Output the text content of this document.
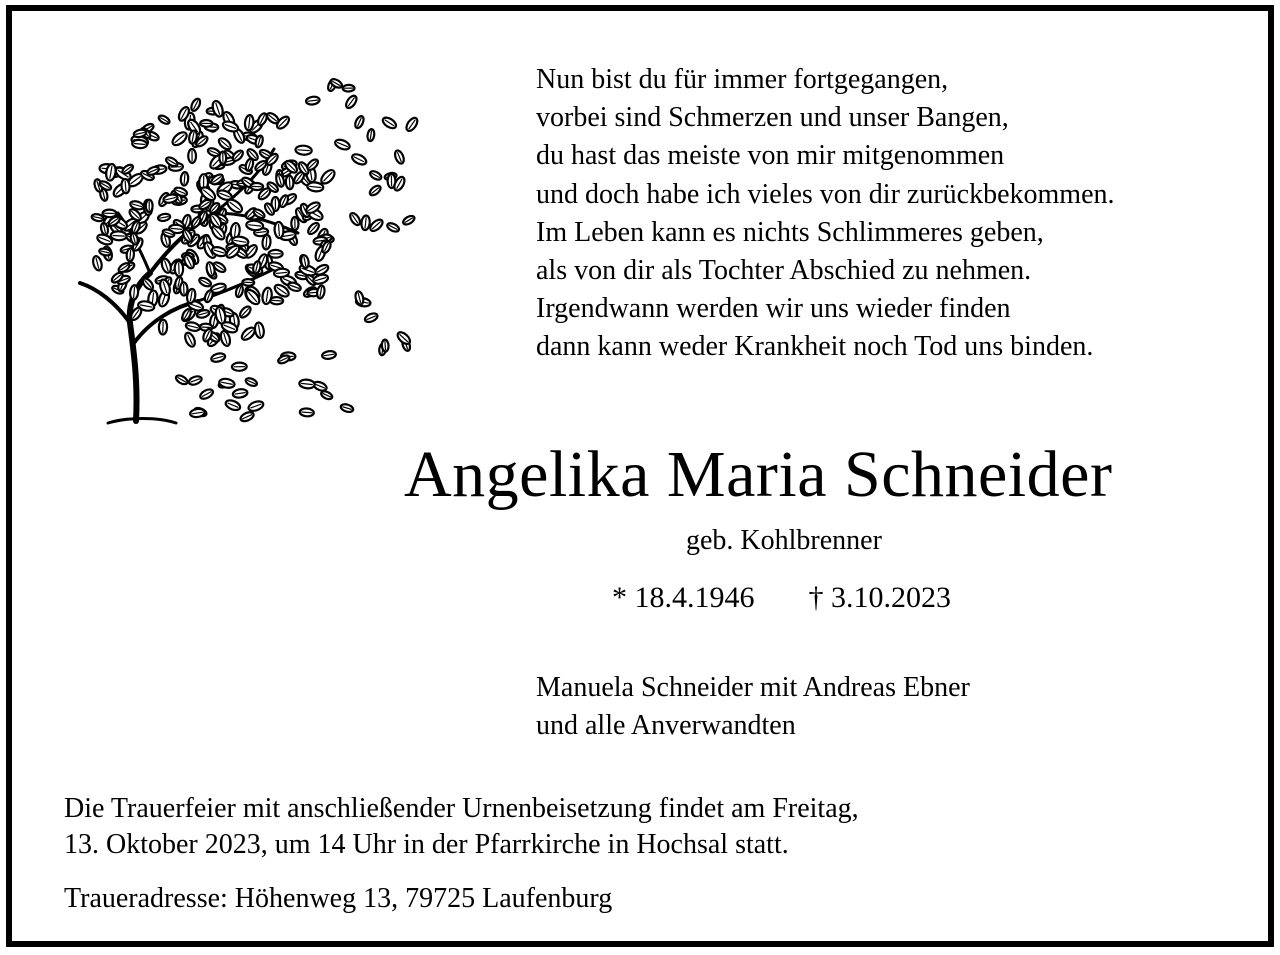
Nun bist du für immer fortgegangen,
vorbei sind Schmerzen und unser Bangen,
du hast das meiste von mir mitgenommen
und doch habe ich vieles von dir zurückbekommen.
Im Leben kann es nichts Schlimmeres geben,
als von dir als Tochter Abschied zu nehmen.
Irgendwann werden wir uns wieder finden
dann kann weder Krankheit noch Tod uns binden.
Angelika Maria Schneider
geb. Kohlbrenner
* 18.4.1946 † 3.10.2023
Manuela Schneider mit Andreas Ebner
und alle Anverwandten
Die Trauerfeier mit anschließender Urnenbeisetzung findet am Freitag,
13. Oktober 2023, um 14 Uhr in der Pfarrkirche in Hochsal statt.
Traueradresse: Höhenweg 13, 79725 Laufenburg
